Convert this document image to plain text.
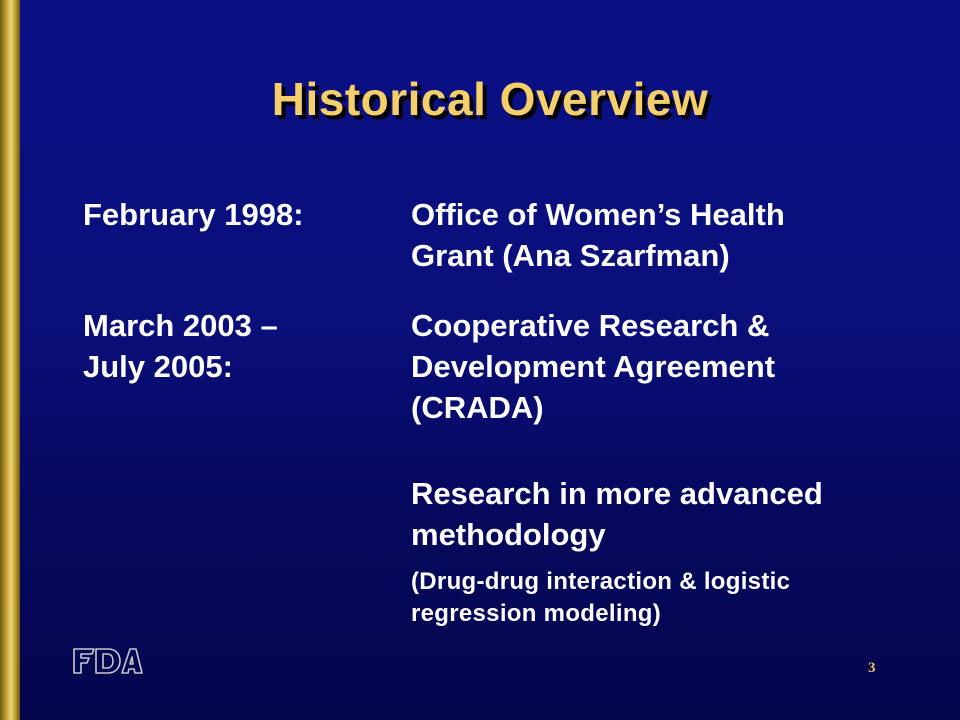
Historical Overview
February 1998:	Office of Women’s Health
Grant (Ana Szarfman)
March 2003 –
July 2005:
Cooperative Research &
Development Agreement
(CRADA)
Research in more advanced
methodology
(Drug-drug interaction & logistic
regression modeling)
3
